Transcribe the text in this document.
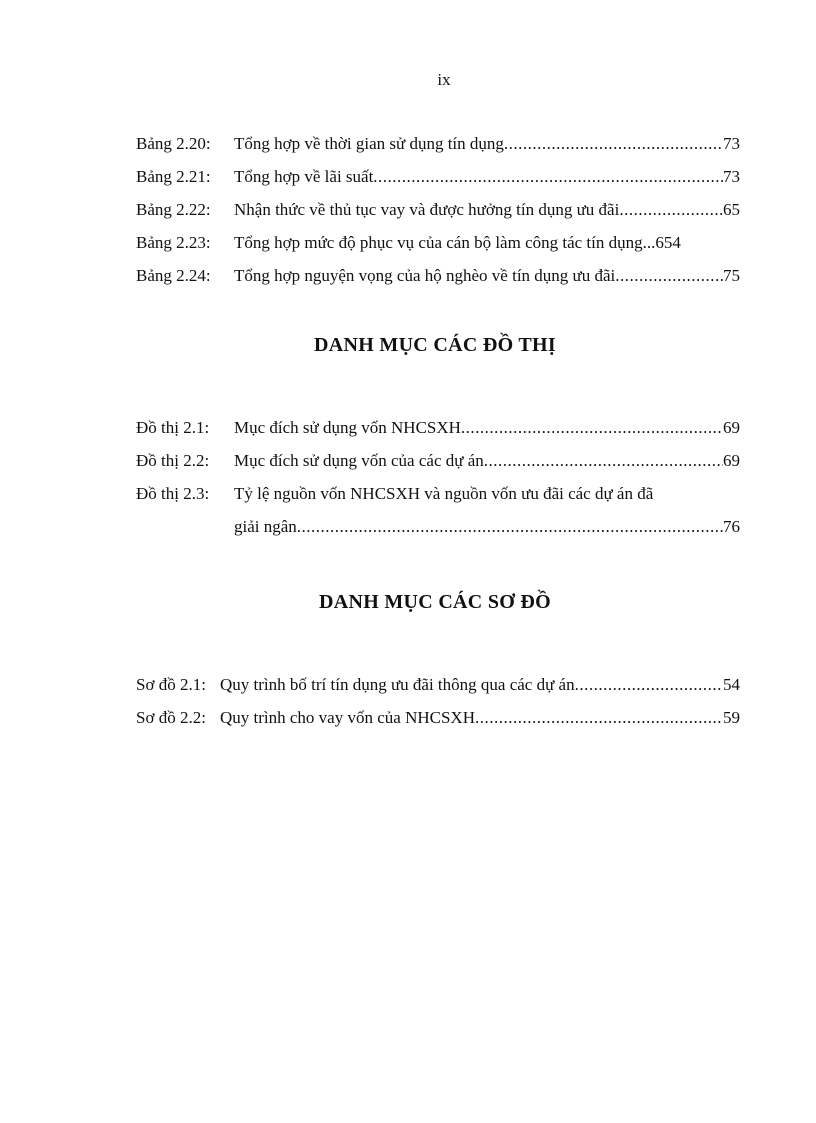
ix
Bảng 2.20: Tổng hợp về thời gian sử dụng tín dụng .....	73
Bảng 2.21: Tổng hợp về lãi suất .....	73
Bảng 2.22: Nhận thức về thủ tục vay và được hưởng tín dụng ưu đãi .....	65
Bảng 2.23: Tổng hợp mức độ phục vụ của cán bộ làm công tác tín dụng...654
Bảng 2.24: Tổng hợp nguyện vọng của hộ nghèo về tín dụng ưu đãi .....	75
DANH MỤC CÁC ĐỒ THỊ
Đồ thị 2.1: Mục đích sử dụng vốn NHCSXH .....	69
Đồ thị 2.2: Mục đích sử dụng vốn của các dự án .....	69
Đồ thị 2.3: Tỷ lệ nguồn vốn NHCSXH và nguồn vốn ưu đãi các dự án đã
giải ngân .....	76
DANH MỤC CÁC SƠ ĐỒ
Sơ đồ 2.1: Quy trình bố trí tín dụng ưu đãi thông qua các dự án .....	54
Sơ đồ 2.2: Quy trình cho vay vốn của NHCSXH .....	59
